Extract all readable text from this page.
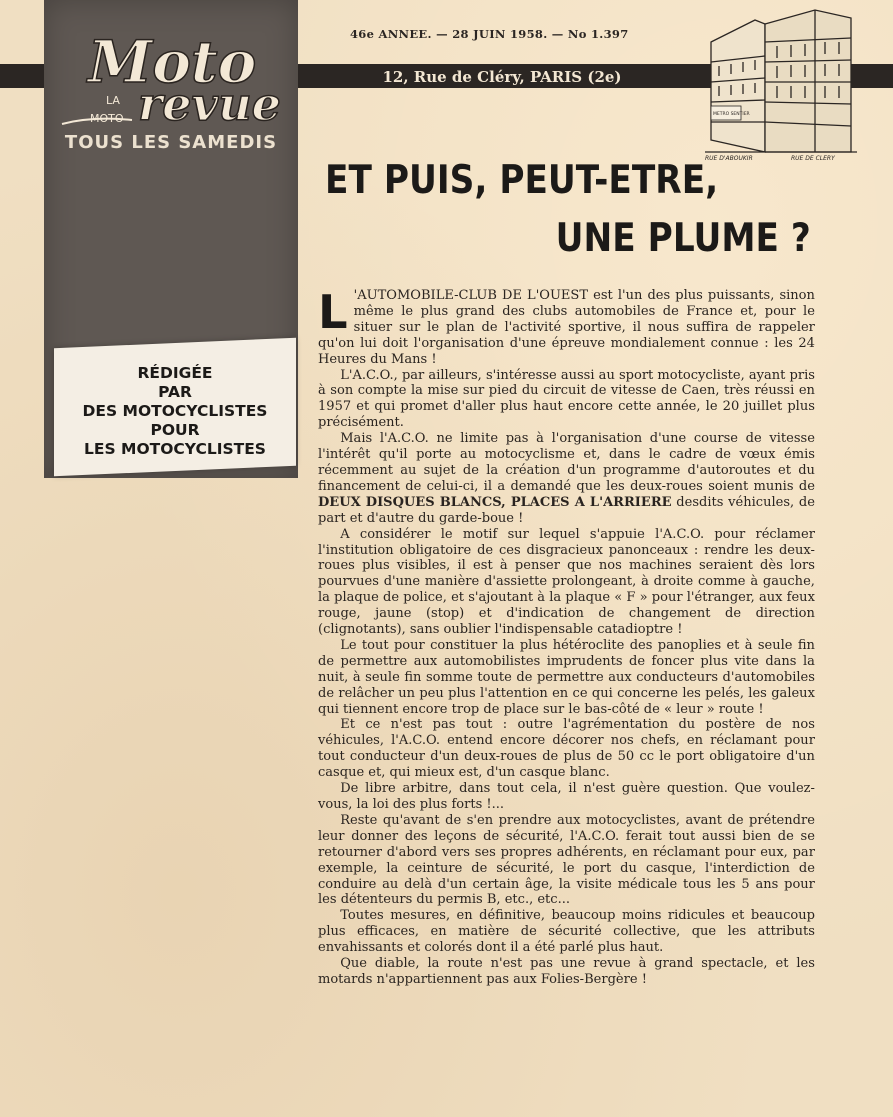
Moto
LA
MOTO revue
TOUS LES SAMEDIS
RÉDIGÉE
PAR
DES MOTOCYCLISTES
POUR
LES MOTOCYCLISTES
46e ANNEE. — 28 JUIN 1958. — No 1.397
12, Rue de Cléry, PARIS (2e)
METRO SENTIER
RUE D'ABOUKIR	RUE DE CLERY
ET PUIS, PEUT-ETRE,
UNE PLUME ?

L 'AUTOMOBILE-CLUB DE L'OUEST est l'un des plus puissants, sinon même le plus grand des clubs automobiles de France et, pour le situer sur le plan de l'activité sportive, il nous suffira de rappeler qu'on lui doit l'organisation d'une épreuve mondialement connue : les 24 Heures du Mans !

L'A.C.O., par ailleurs, s'intéresse aussi au sport motocycliste, ayant pris à son compte la mise sur pied du circuit de vitesse de Caen, très réussi en 1957 et qui promet d'aller plus haut encore cette année, le 20 juillet plus précisément.

Mais l'A.C.O. ne limite pas à l'organisation d'une course de vitesse l'intérêt qu'il porte au motocyclisme et, dans le cadre de vœux émis récemment au sujet de la création d'un programme d'autoroutes et du financement de celui-ci, il a demandé que les deux-roues soient munis de DEUX DISQUES BLANCS, PLACES A L'ARRIERE desdits véhicules, de part et d'autre du garde-boue !

A considérer le motif sur lequel s'appuie l'A.C.O. pour réclamer l'institution obligatoire de ces disgracieux panonceaux : rendre les deux-roues plus visibles, il est à penser que nos machines seraient dès lors pourvues d'une manière d'assiette prolongeant, à droite comme à gauche, la plaque de police, et s'ajoutant à la plaque « F » pour l'étranger, aux feux rouge, jaune (stop) et d'indication de changement de direction (clignotants), sans oublier l'indispensable catadioptre !

Le tout pour constituer la plus hétéroclite des panoplies et à seule fin de permettre aux automobilistes imprudents de foncer plus vite dans la nuit, à seule fin somme toute de permettre aux conducteurs d'automobiles de relâcher un peu plus l'attention en ce qui concerne les pelés, les galeux qui tiennent encore trop de place sur le bas-côté de « leur » route !

Et ce n'est pas tout : outre l'agrémentation du postère de nos véhicules, l'A.C.O. entend encore décorer nos chefs, en réclamant pour tout conducteur d'un deux-roues de plus de 50 cc le port obligatoire d'un casque et, qui mieux est, d'un casque blanc.

De libre arbitre, dans tout cela, il n'est guère question. Que voulez-vous, la loi des plus forts !...

Reste qu'avant de s'en prendre aux motocyclistes, avant de prétendre leur donner des leçons de sécurité, l'A.C.O. ferait tout aussi bien de se retourner d'abord vers ses propres adhérents, en réclamant pour eux, par exemple, la ceinture de sécurité, le port du casque, l'interdiction de conduire au delà d'un certain âge, la visite médicale tous les 5 ans pour les détenteurs du permis B, etc., etc...

Toutes mesures, en définitive, beaucoup moins ridicules et beaucoup plus efficaces, en matière de sécurité collective, que les attributs envahissants et colorés dont il a été parlé plus haut.

Que diable, la route n'est pas une revue à grand spectacle, et les motards n'appartiennent pas aux Folies-Bergère !
